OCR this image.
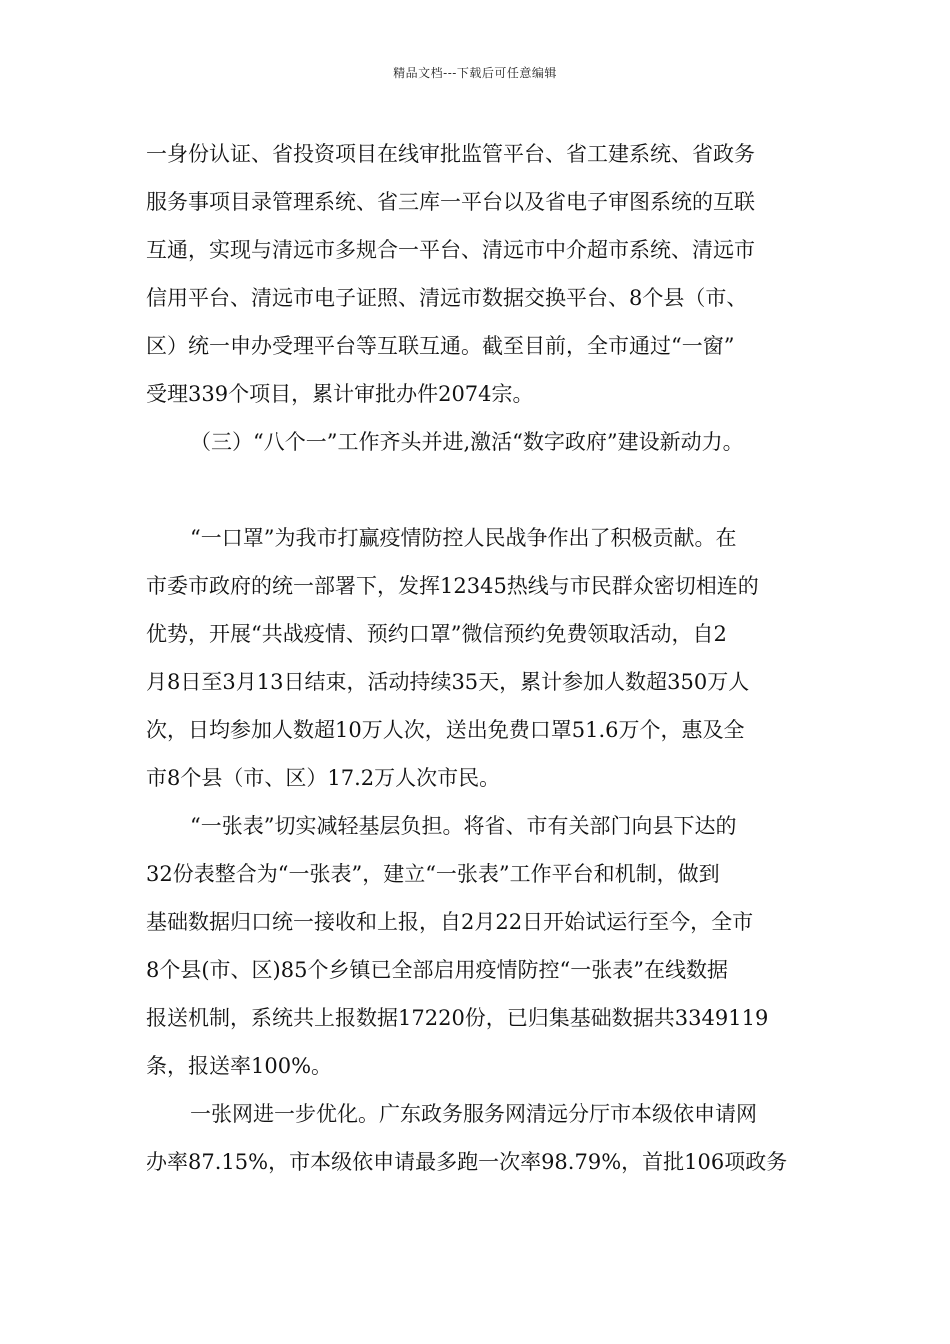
精品文档---下载后可任意编辑
一身份认证、省投资项目在线审批监管平台、省工建系统、省政务
服务事项目录管理系统、省三库一平台以及省电子审图系统的互联
互通，实现与清远市多规合一平台、清远市中介超市系统、清远市
信用平台、清远市电子证照、清远市数据交换平台、8个县（市、
区）统一申办受理平台等互联互通。截至目前，全市通过“一窗”
受理339个项目，累计审批办件2074宗。
（三）“八个一”工作齐头并进,激活“数字政府”建设新动力。
“一口罩”为我市打赢疫情防控人民战争作出了积极贡献。在
市委市政府的统一部署下，发挥12345热线与市民群众密切相连的
优势，开展“共战疫情、预约口罩”微信预约免费领取活动，自2
月8日至3月13日结束，活动持续35天，累计参加人数超350万人
次，日均参加人数超10万人次，送出免费口罩51.6万个，惠及全
市8个县（市、区）17.2万人次市民。
“一张表”切实减轻基层负担。将省、市有关部门向县下达的
32份表整合为“一张表”，建立“一张表”工作平台和机制，做到
基础数据归口统一接收和上报，自2月22日开始试运行至今，全市
8个县(市、区)85个乡镇已全部启用疫情防控“一张表”在线数据
报送机制，系统共上报数据17220份，已归集基础数据共3349119
条，报送率100%。
一张网进一步优化。广东政务服务网清远分厅市本级依申请网
办率87.15%，市本级依申请最多跑一次率98.79%，首批106项政务
